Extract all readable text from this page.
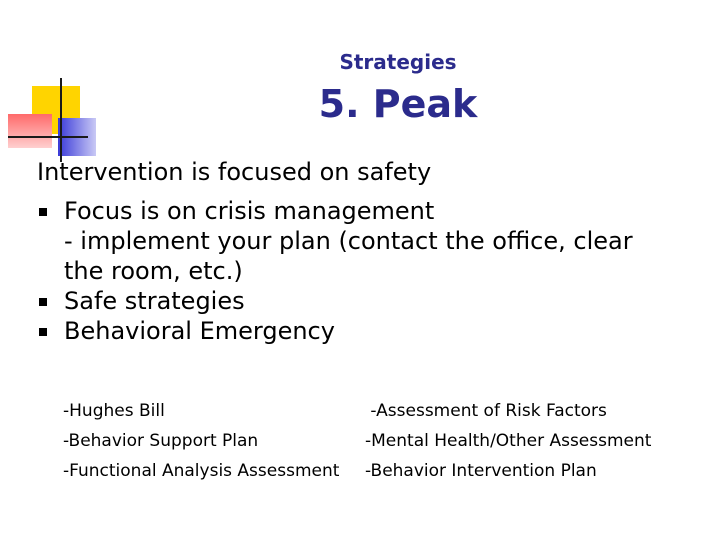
Strategies
5. Peak
Intervention is focused on safety
Focus is on crisis management
- implement your plan (contact the office, clear
the room, etc.)
Safe strategies
Behavioral Emergency
-Hughes Bill
-Behavior Support Plan
-Functional Analysis Assessment
-Assessment of Risk Factors
-Mental Health/Other Assessment
-Behavior Intervention Plan
